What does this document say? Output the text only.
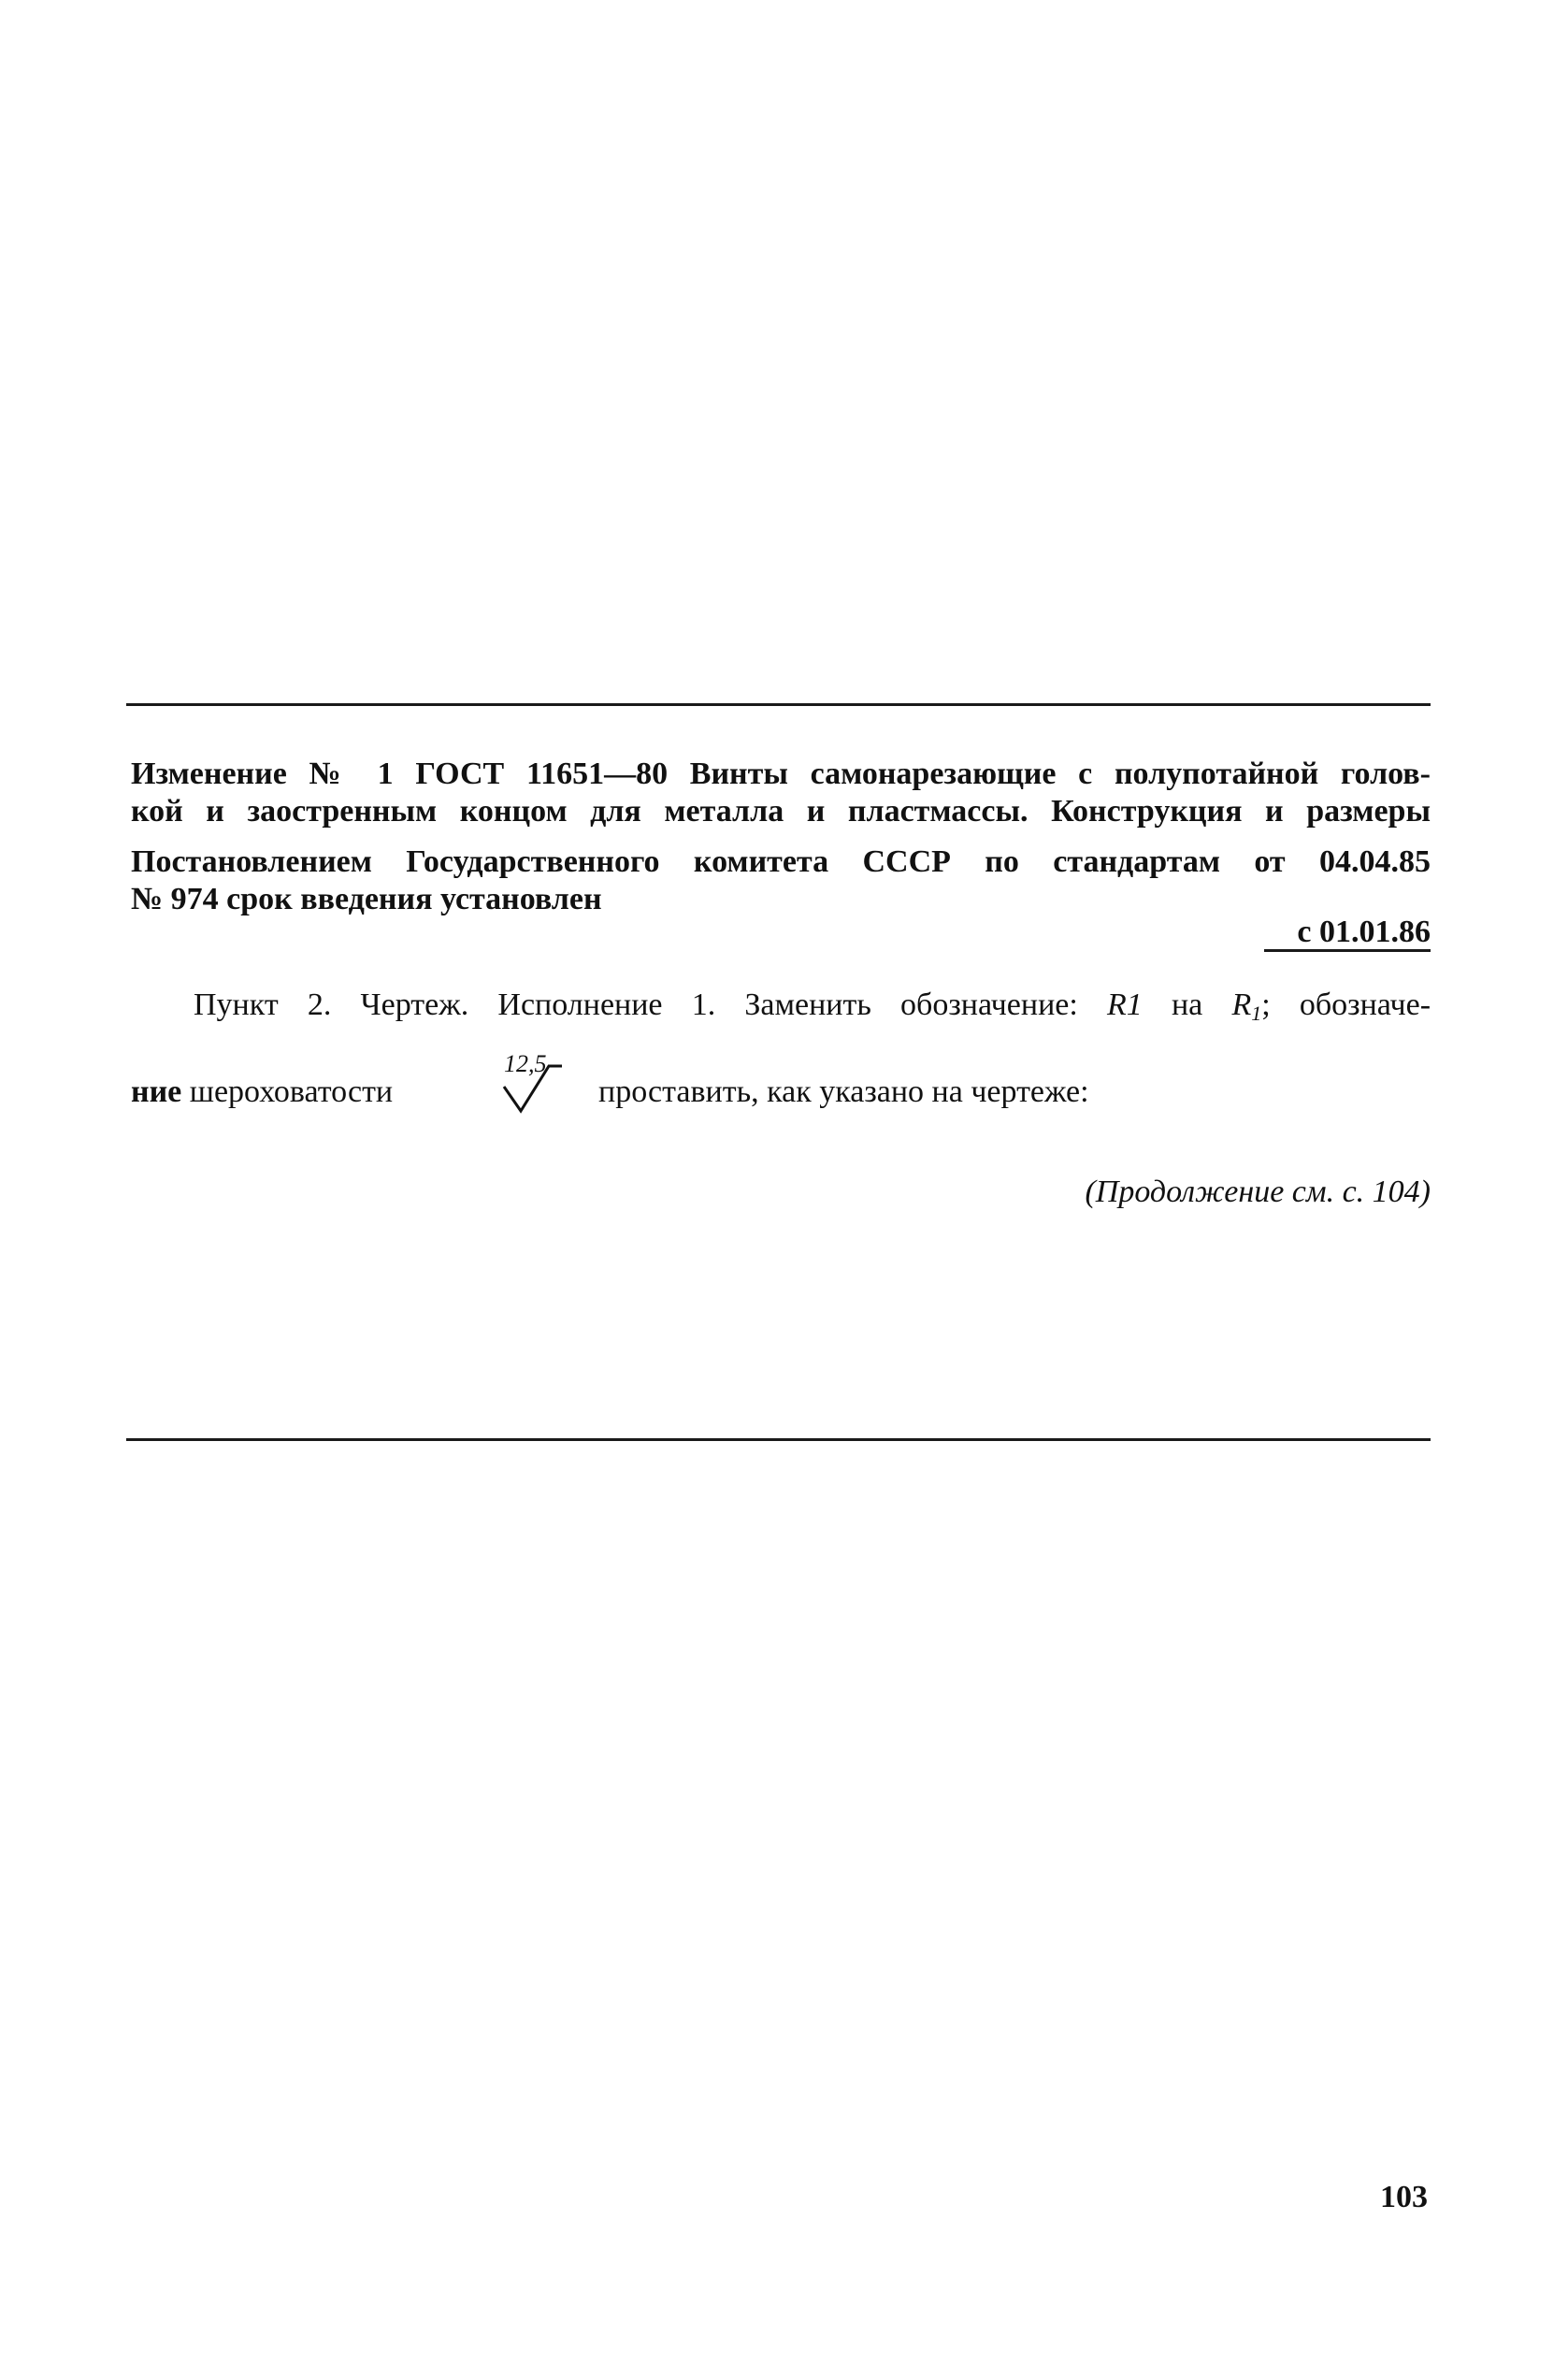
Изменение № 1 ГОСТ 11651—80 Винты самонарезающие с полупотайной голов-
кой и заостренным концом для металла и пластмассы. Конструкция и размеры
Постановлением Государственного комитета СССР по стандартам от 04.04.85
№ 974 срок введения установлен
с 01.01.86
Пункт 2. Чертеж. Исполнение 1. Заменить обозначение: R1 на $R_1$; обозначе-
ние шероховатости
12,5
проставить, как указано на чертеже:
(Продолжение см. с. 104)
103
